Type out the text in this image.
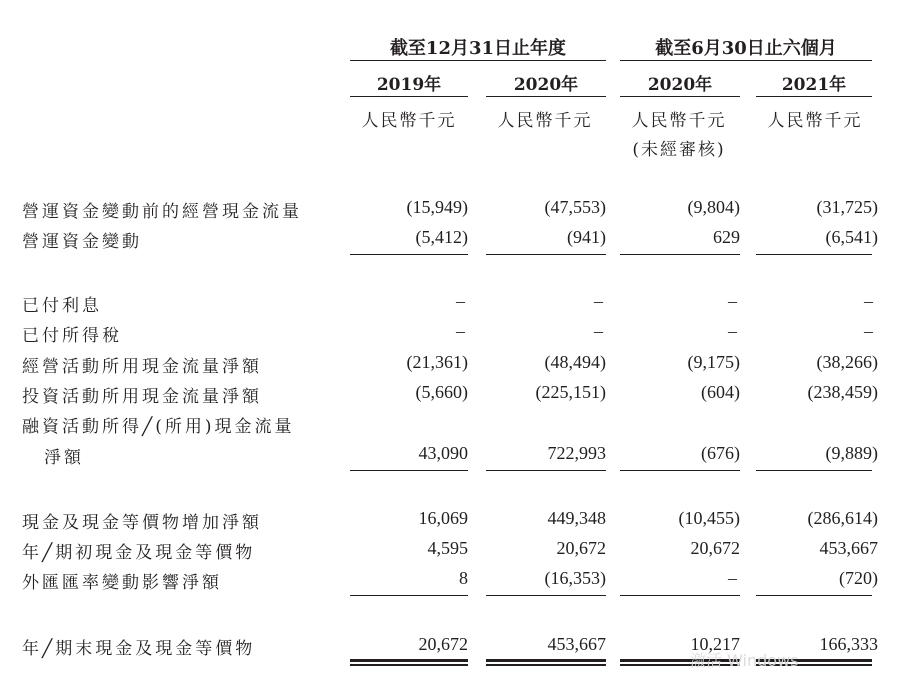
截至12月31日止年度	截至6月30日止六個月
2019年	2020年	2020年	2021年
人民幣千元	人民幣千元	人民幣千元	人民幣千元
(未經審核)
營運資金變動前的經營現金流量	(15,949)	(47,553)	(9,804)	(31,725)
營運資金變動	(5,412)	(941)	629	(6,541)
已付利息	–	–	–	–
已付所得稅	–	–	–	–
經營活動所用現金流量淨額	(21,361)	(48,494)	(9,175)	(38,266)
投資活動所用現金流量淨額	(5,660)	(225,151)	(604)	(238,459)
融資活動所得╱(所用)現金流量
淨額	43,090	722,993	(676)	(9,889)
現金及現金等價物增加淨額	16,069	449,348	(10,455)	(286,614)
年╱期初現金及現金等價物	4,595	20,672	20,672	453,667
外匯匯率變動影響淨額	8	(16,353)	–	(720)
年╱期末現金及現金等價物	20,672	453,667	10,217	166,333
激活 Windows
